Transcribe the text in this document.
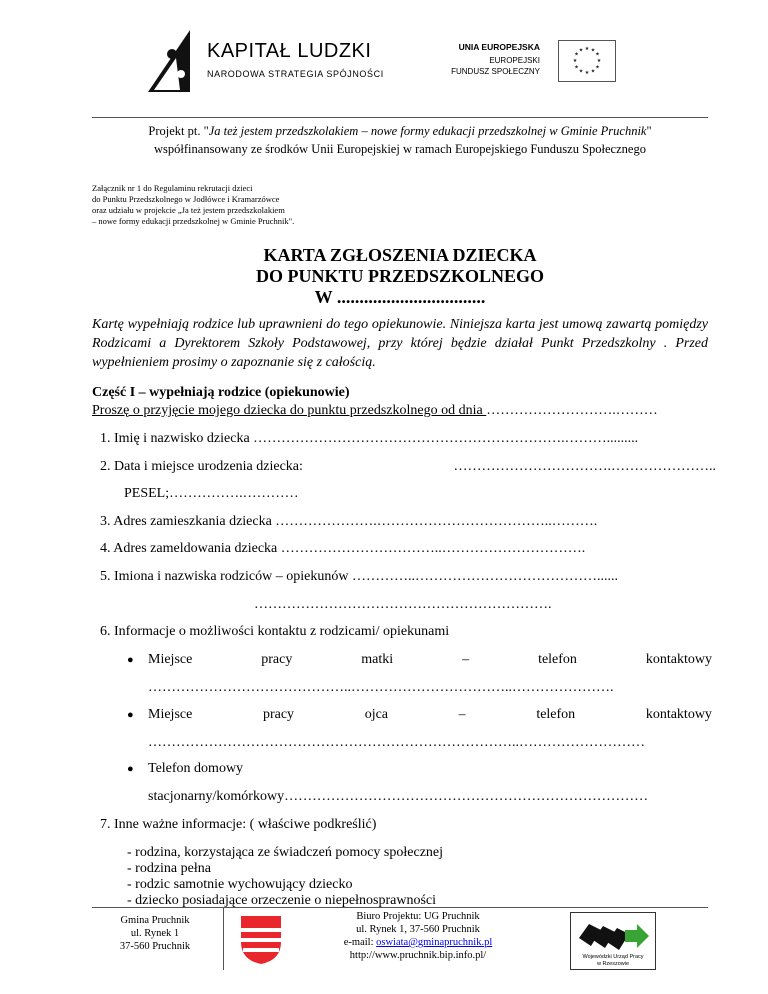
KAPITAŁ LUDZKI
NARODOWA STRATEGIA SPÓJNOŚCI
UNIA EUROPEJSKA
EUROPEJSKI
FUNDUSZ SPOŁECZNY
★ ★
★
★
★
★
★
★
★
★
★
★
Projekt pt. "Ja też jestem przedszkolakiem – nowe formy edukacji przedszkolnej w Gminie Pruchnik"
współfinansowany ze środków Unii Europejskiej w ramach Europejskiego Funduszu Społecznego
Załącznik nr 1 do Regulaminu rekrutacji dzieci
do Punktu Przedszkolnego w Jodłówce i Kramarzówce
oraz udziału w projekcie „Ja też jestem przedszkolakiem
– nowe formy edukacji przedszkolnej w Gminie Pruchnik".
KARTA ZGŁOSZENIA DZIECKA
DO PUNKTU PRZEDSZKOLNEGO
W .................................
Kartę wypełniają rodzice lub uprawnieni do tego opiekunowie. Niniejsza karta jest umową zawartą pomiędzy Rodzicami a Dyrektorem Szkoły Podstawowej, przy której będzie działał Punkt Przedszkolny . Przed wypełnieniem prosimy o zapoznanie się z całością.
Część I – wypełniają rodzice (opiekunowie)
Proszę o przyjęcie mojego dziecka do punktu przedszkolnego od dnia ……………………….………
1. Imię i nazwisko dziecka ………………………………………………………….……….........
2. Data i miejsce urodzenia dziecka:	…………………………….…………………..
PESEL;…………….…………
3. Adres zamieszkania dziecka ………………….………………………………..……….
4. Adres zameldowania dziecka ……………………………..………………………….
5. Imiona i nazwiska rodziców – opiekunów …………..…………………………………......
……………………………………………………….
6. Informacje o możliwości kontaktu z rodzicami/ opiekunami
● Miejsce	pracy	matki	–	telefon	kontaktowy
……………………………………..……………………………..………………….
● Miejsce	pracy	ojca	–	telefon	kontaktowy
……………………………………………………………………..………………………
● Telefon domowy
stacjonarny/komórkowy……………………………………………………………………
7. Inne ważne informacje: ( właściwe podkreślić)
- rodzina, korzystająca ze świadczeń pomocy społecznej
- rodzina pełna
- rodzic samotnie wychowujący dziecko
- dziecko posiadające orzeczenie o niepełnosprawności
Gmina Pruchnik
ul. Rynek 1
37-560 Pruchnik
Biuro Projektu: UG Pruchnik
ul. Rynek 1, 37-560 Pruchnik
e-mail: oswiata@gminapruchnik.pl
http://www.pruchnik.bip.info.pl/	Wojewódzki Urząd Pracy
w Rzeszowie
